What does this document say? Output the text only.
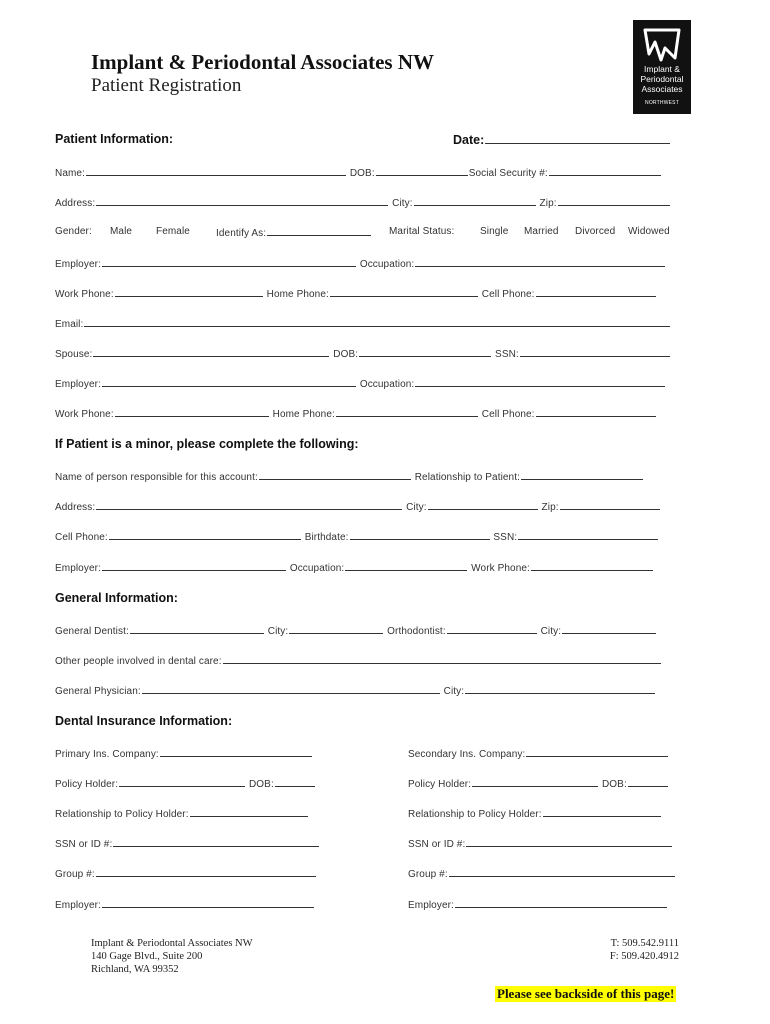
Implant & Periodontal Associates NW
Patient Registration
Implant &
Periodontal
Associates
NORTHWEST
Patient Information:	Date:
Name:	DOB:	Social Security #:
Address:	City:	Zip:
Gender: Male Female	Identify As:	Marital Status:	Single Married Divorced Widowed
Employer:	Occupation:
Work Phone:	Home Phone:	Cell Phone:
Email:
Spouse:	DOB:	SSN:
Employer:	Occupation:
Work Phone:	Home Phone:	Cell Phone:
If Patient is a minor, please complete the following:
Name of person responsible for this account:	Relationship to Patient:
Address:	City:	Zip:
Cell Phone:	Birthdate:	SSN:
Employer:	Occupation:	Work Phone:
General Information:
General Dentist:	City:	Orthodontist:	City:
Other people involved in dental care:
General Physician:	City:
Dental Insurance Information:
Primary Ins. Company:	Secondary Ins. Company:
Policy Holder:	DOB:	Policy Holder:	DOB:
Relationship to Policy Holder:	Relationship to Policy Holder:
SSN or ID #:	SSN or ID #:
Group #:	Group #:
Employer:	Employer:
Implant & Periodontal Associates NW
140 Gage Blvd., Suite 200
Richland, WA 99352
T: 509.542.9111
F: 509.420.4912
Please see backside of this page!
